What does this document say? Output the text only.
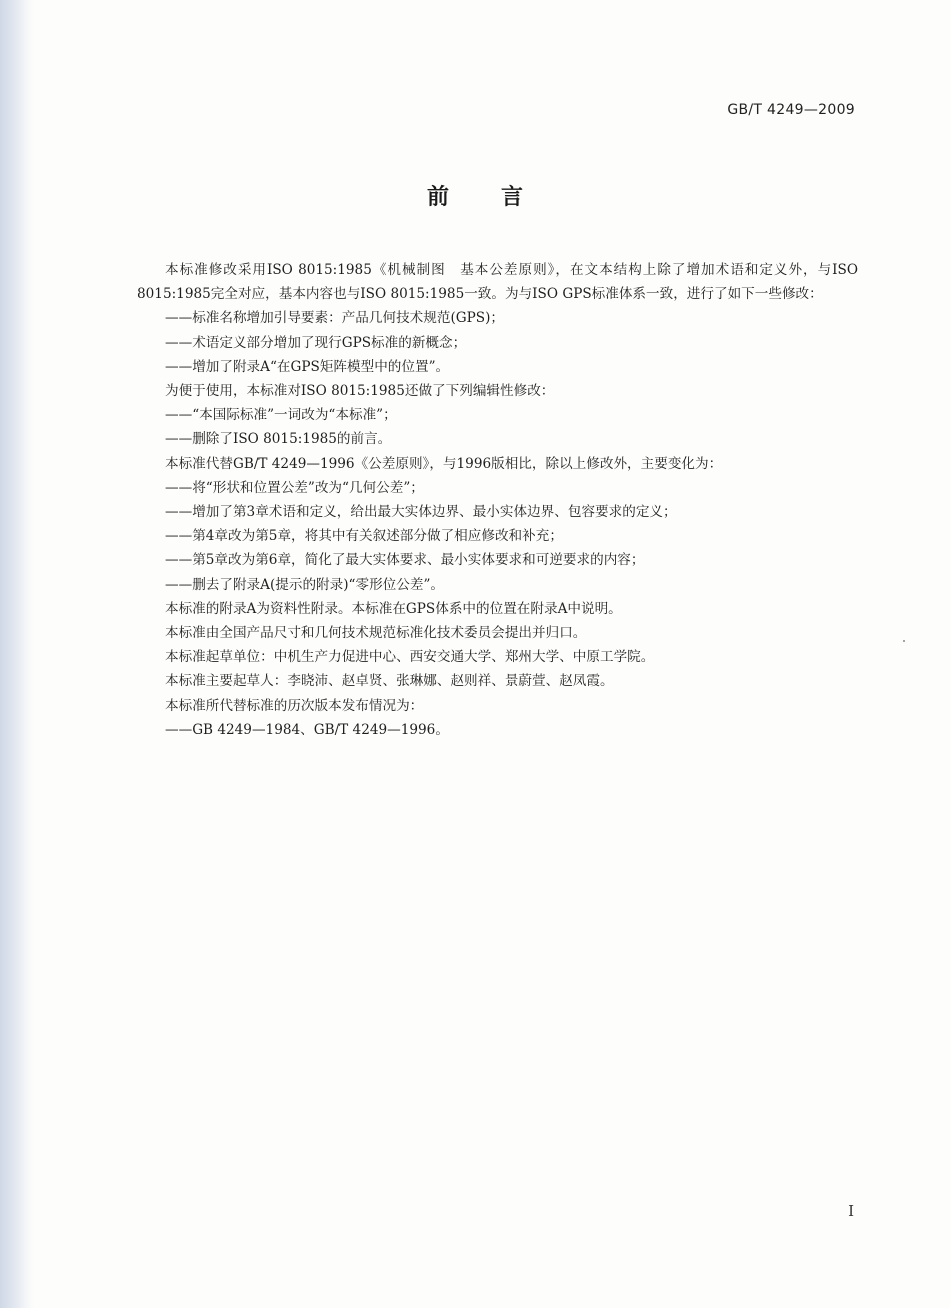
GB/T 4249—2009
前言

本标准修改采用ISO 8015:1985《机械制图　基本公差原则》，在文本结构上除了增加术语和定义外，与ISO 8015:1985完全对应，基本内容也与ISO 8015:1985一致。为与ISO GPS标准体系一致，进行了如下一些修改：

——标准名称增加引导要素：产品几何技术规范(GPS)；

——术语定义部分增加了现行GPS标准的新概念；

——增加了附录A“在GPS矩阵模型中的位置”。

为便于使用，本标准对ISO 8015:1985还做了下列编辑性修改：

——“本国际标准”一词改为“本标准”；

——删除了ISO 8015:1985的前言。

本标准代替GB/T 4249—1996《公差原则》，与1996版相比，除以上修改外，主要变化为：

——将“形状和位置公差”改为“几何公差”；

——增加了第3章术语和定义，给出最大实体边界、最小实体边界、包容要求的定义；

——第4章改为第5章，将其中有关叙述部分做了相应修改和补充；

——第5章改为第6章，简化了最大实体要求、最小实体要求和可逆要求的内容；

——删去了附录A(提示的附录)“零形位公差”。

本标准的附录A为资料性附录。本标准在GPS体系中的位置在附录A中说明。

本标准由全国产品尺寸和几何技术规范标准化技术委员会提出并归口。

本标准起草单位：中机生产力促进中心、西安交通大学、郑州大学、中原工学院。

本标准主要起草人：李晓沛、赵卓贤、张琳娜、赵则祥、景蔚萱、赵凤霞。

本标准所代替标准的历次版本发布情况为：

——GB 4249—1984、GB/T 4249—1996。

I
